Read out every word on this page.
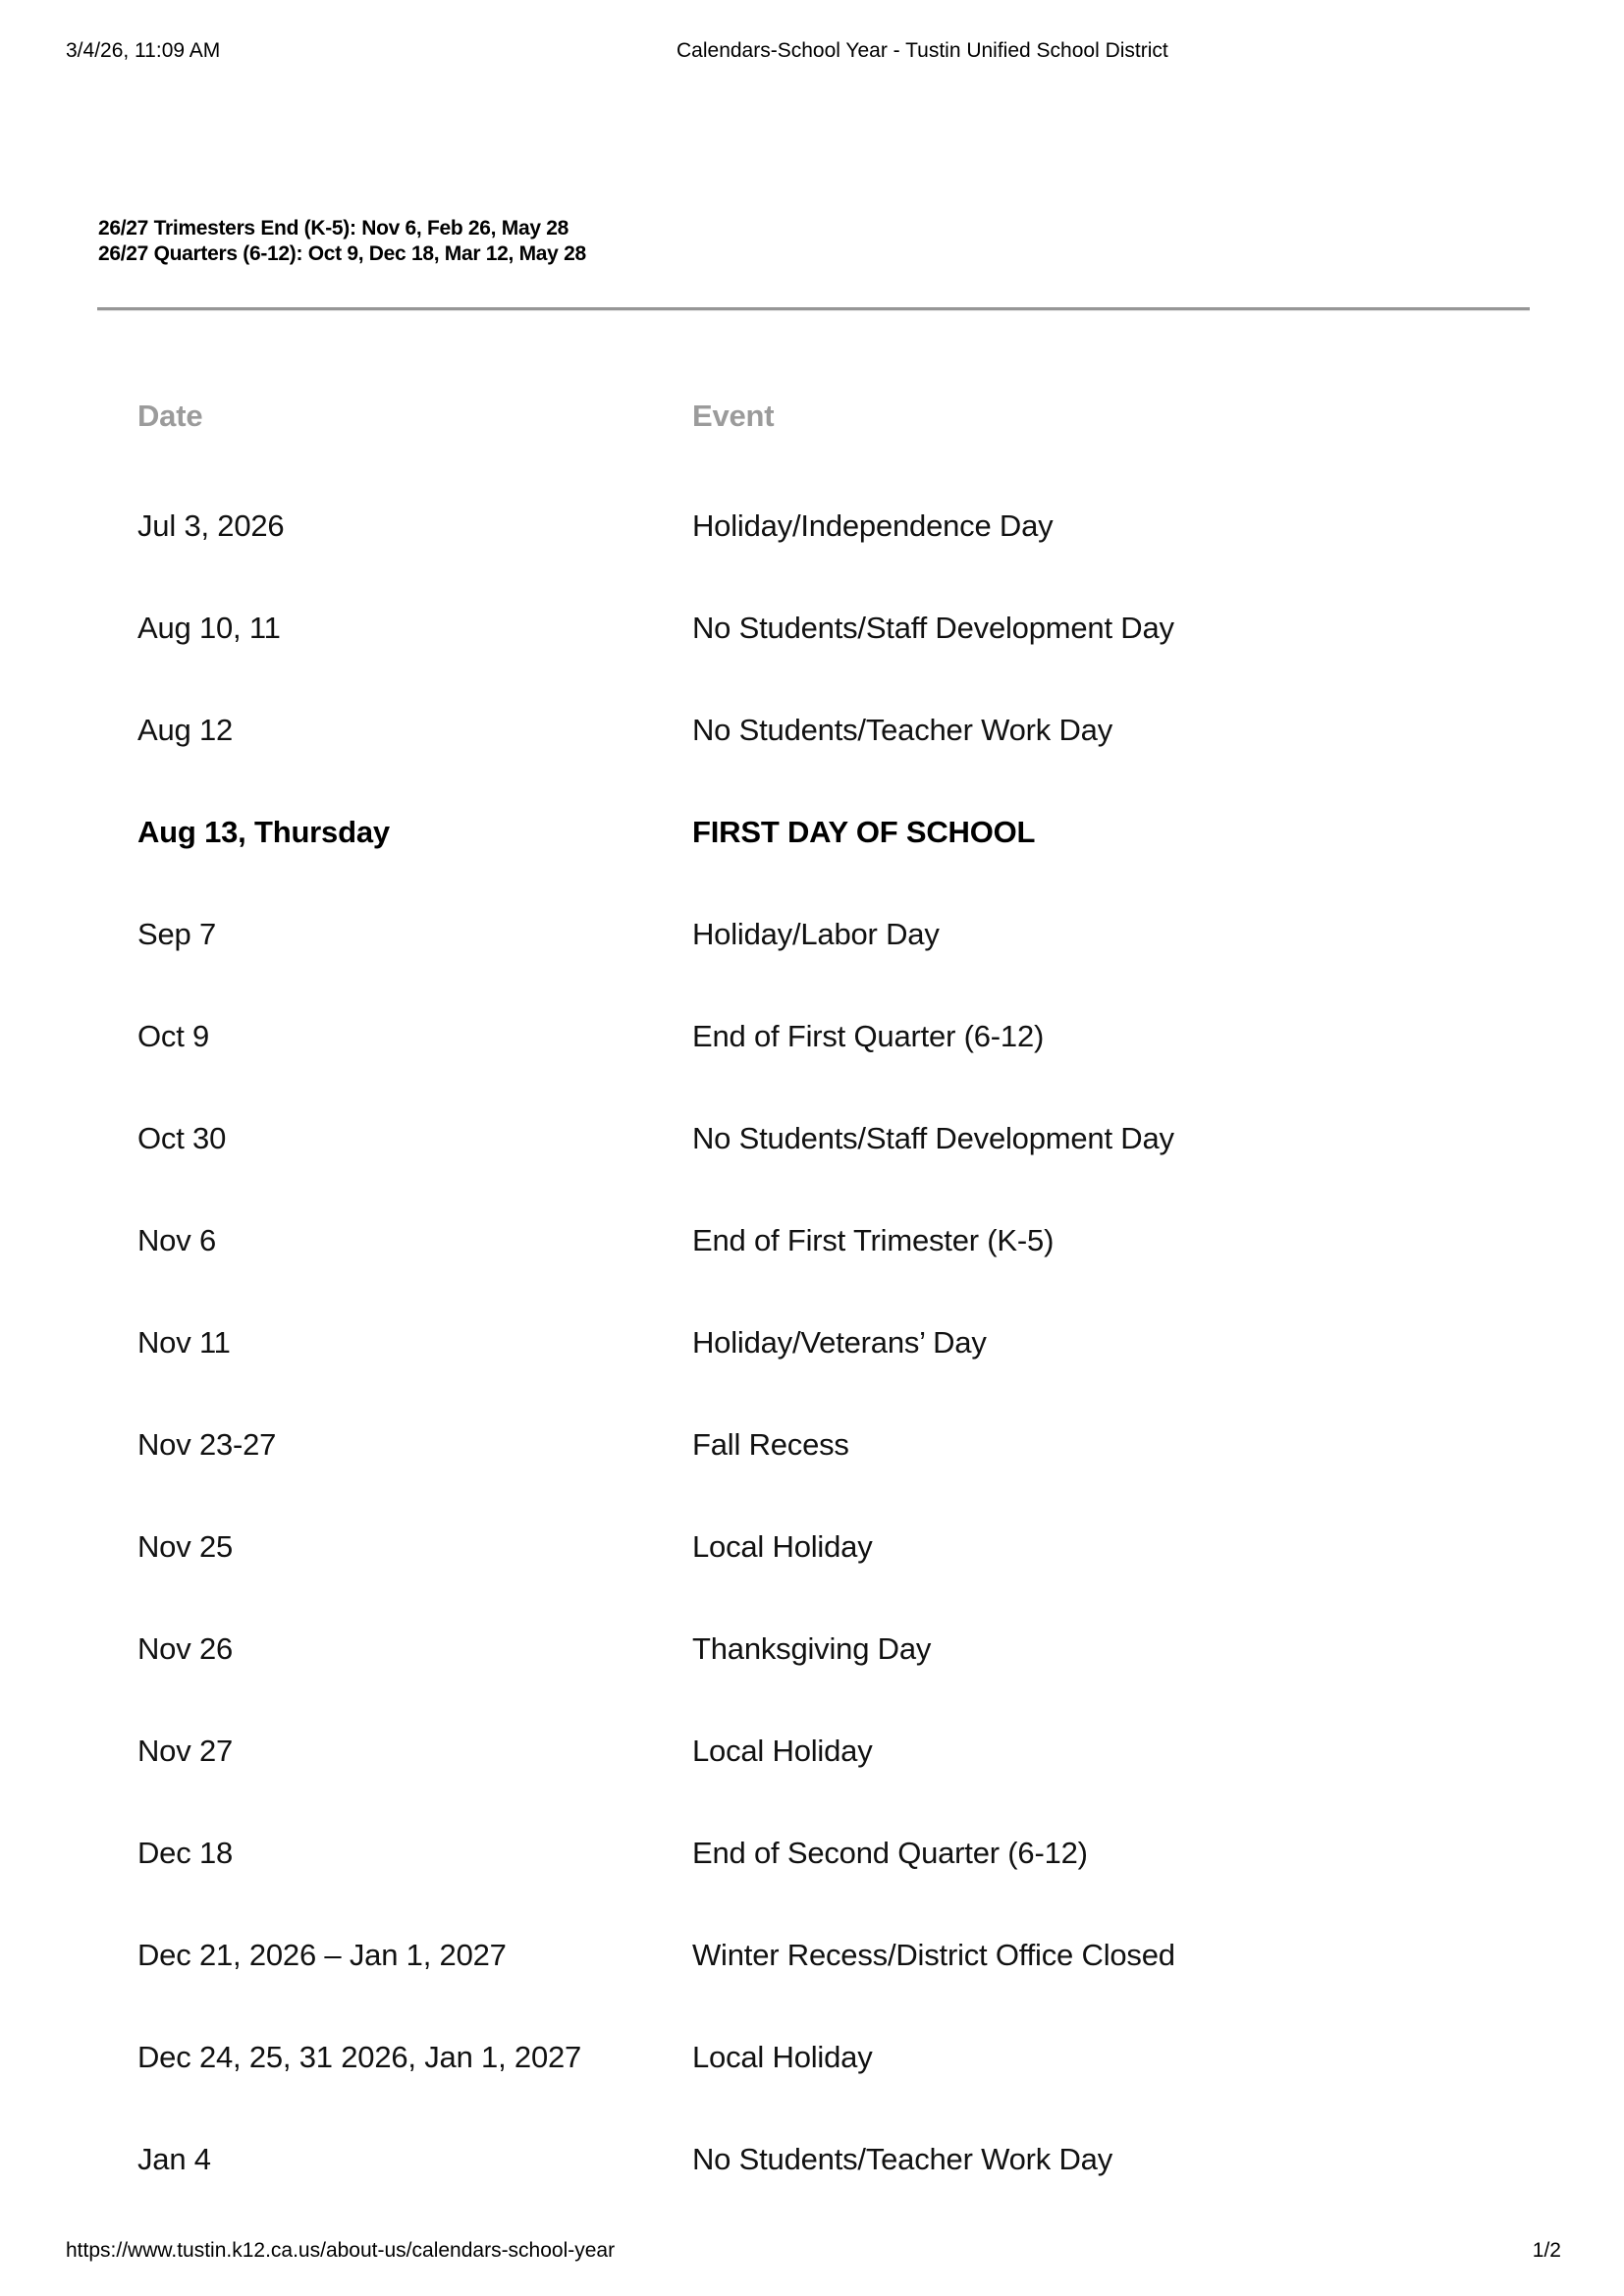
3/4/26, 11:09 AM	Calendars-School Year - Tustin Unified School District
26/27 Trimesters End (K-5): Nov 6, Feb 26, May 28
26/27 Quarters (6-12): Oct 9, Dec 18, Mar 12, May 28
Date	Event
Jul 3, 2026	Holiday/Independence Day
Aug 10, 11	No Students/Staff Development Day
Aug 12	No Students/Teacher Work Day
Aug 13, Thursday	FIRST DAY OF SCHOOL
Sep 7	Holiday/Labor Day
Oct 9	End of First Quarter (6-12)
Oct 30	No Students/Staff Development Day
Nov 6	End of First Trimester (K-5)
Nov 11	Holiday/Veterans’ Day
Nov 23-27	Fall Recess
Nov 25	Local Holiday
Nov 26	Thanksgiving Day
Nov 27	Local Holiday
Dec 18	End of Second Quarter (6-12)
Dec 21, 2026 – Jan 1, 2027	Winter Recess/District Office Closed
Dec 24, 25, 31 2026, Jan 1, 2027	Local Holiday
Jan 4	No Students/Teacher Work Day
https://www.tustin.k12.ca.us/about-us/calendars-school-year	1/2
